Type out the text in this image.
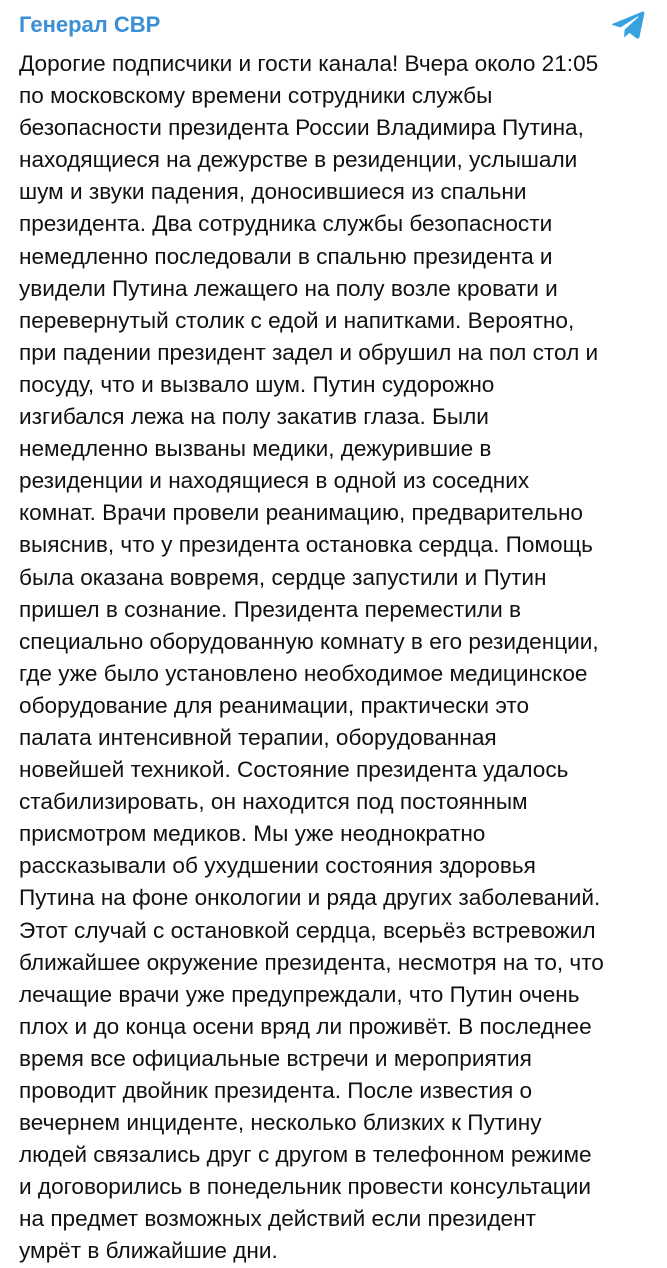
Генерал СВР
Дорогие подписчики и гости канала! Вчера около 21:05
по московскому времени сотрудники службы
безопасности президента России Владимира Путина,
находящиеся на дежурстве в резиденции, услышали
шум и звуки падения, доносившиеся из спальни
президента. Два сотрудника службы безопасности
немедленно последовали в спальню президента и
увидели Путина лежащего на полу возле кровати и
перевернутый столик с едой и напитками. Вероятно,
при падении президент задел и обрушил на пол стол и
посуду, что и вызвало шум. Путин судорожно
изгибался лежа на полу закатив глаза. Были
немедленно вызваны медики, дежурившие в
резиденции и находящиеся в одной из соседних
комнат. Врачи провели реанимацию, предварительно
выяснив, что у президента остановка сердца. Помощь
была оказана вовремя, сердце запустили и Путин
пришел в сознание. Президента переместили в
специально оборудованную комнату в его резиденции,
где уже было установлено необходимое медицинское
оборудование для реанимации, практически это
палата интенсивной терапии, оборудованная
новейшей техникой. Состояние президента удалось
стабилизировать, он находится под постоянным
присмотром медиков. Мы уже неоднократно
рассказывали об ухудшении состояния здоровья
Путина на фоне онкологии и ряда других заболеваний.
Этот случай с остановкой сердца, всерьёз встревожил
ближайшее окружение президента, несмотря на то, что
лечащие врачи уже предупреждали, что Путин очень
плох и до конца осени вряд ли проживёт. В последнее
время все официальные встречи и мероприятия
проводит двойник президента. После известия о
вечернем инциденте, несколько близких к Путину
людей связались друг с другом в телефонном режиме
и договорились в понедельник провести консультации
на предмет возможных действий если президент
умрёт в ближайшие дни.
